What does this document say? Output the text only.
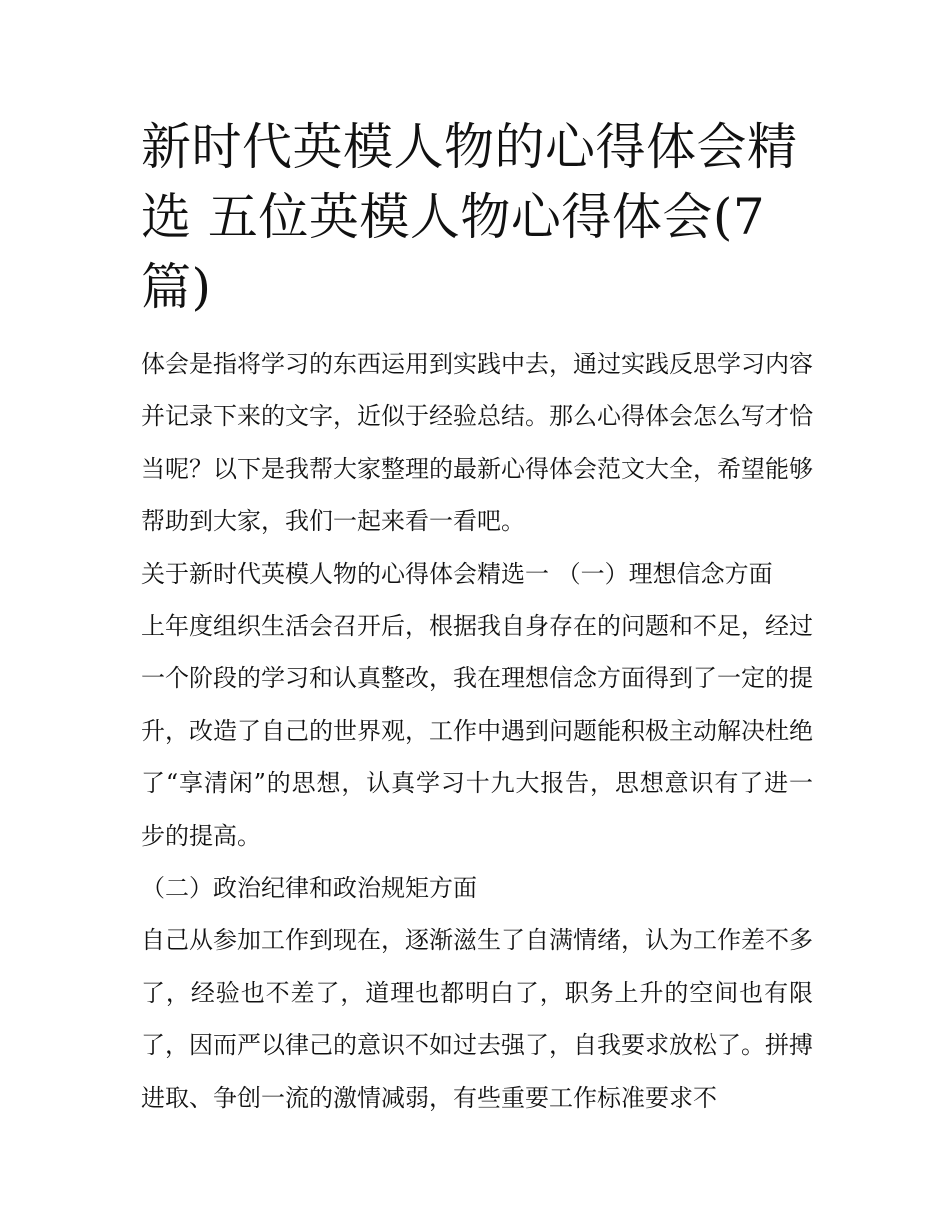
新时代英模人物的心得体会精选 五位英模人物心得体会(7篇)

体会是指将学习的东西运用到实践中去，通过实践反思学习内容并记录下来的文字，近似于经验总结。那么心得体会怎么写才恰当呢？以下是我帮大家整理的最新心得体会范文大全，希望能够帮助到大家，我们一起来看一看吧。

关于新时代英模人物的心得体会精选一 （一）理想信念方面

上年度组织生活会召开后，根据我自身存在的问题和不足，经过一个阶段的学习和认真整改，我在理想信念方面得到了一定的提升，改造了自己的世界观，工作中遇到问题能积极主动解决杜绝了“享清闲”的思想，认真学习十九大报告，思想意识有了进一步的提高。

（二）政治纪律和政治规矩方面

自己从参加工作到现在，逐渐滋生了自满情绪，认为工作差不多了，经验也不差了，道理也都明白了，职务上升的空间也有限了，因而严以律己的意识不如过去强了，自我要求放松了。拼搏进取、争创一流的激情减弱，有些重要工作标准要求不
